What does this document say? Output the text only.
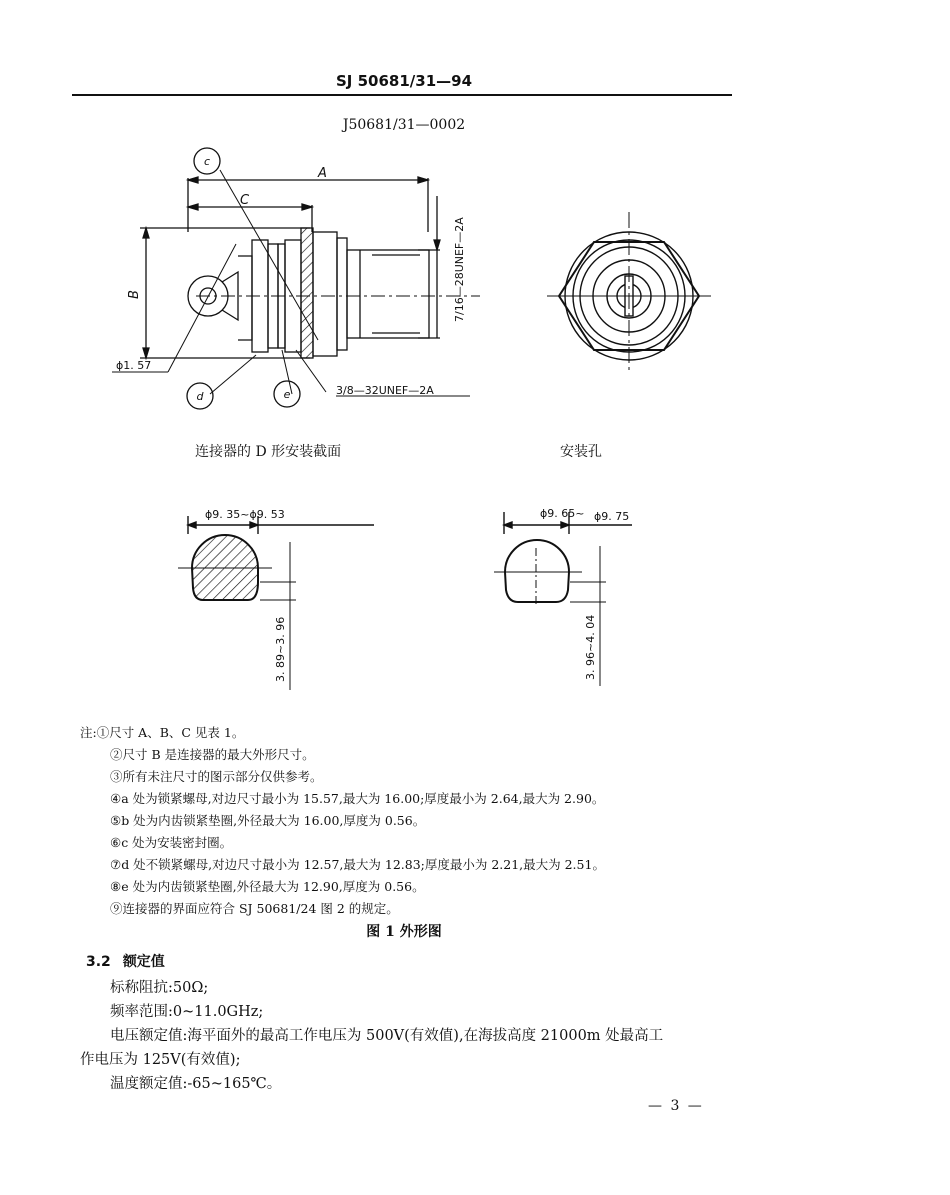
SJ 50681/31—94
J50681/31—0002
A
C
B	7/16—28UNEF—2A
3/8—32UNEF—2A
ϕ1. 57
c
d	e
ϕ9. 35~ϕ9. 53
3. 89~3. 96
ϕ9. 65~ ϕ9. 75
3. 96~4. 04
连接器的 D 形安装截面	安装孔
注:①尺寸 A、B、C 见表 1。
②尺寸 B 是连接器的最大外形尺寸。
③所有未注尺寸的图示部分仅供参考。
④a 处为锁紧螺母,对边尺寸最小为 15.57,最大为 16.00;厚度最小为 2.64,最大为 2.90。
⑤b 处为内齿锁紧垫圈,外径最大为 16.00,厚度为 0.56。
⑥c 处为安装密封圈。
⑦d 处不锁紧螺母,对边尺寸最小为 12.57,最大为 12.83;厚度最小为 2.21,最大为 2.51。
⑧e 处为内齿锁紧垫圈,外径最大为 12.90,厚度为 0.56。
⑨连接器的界面应符合 SJ 50681/24 图 2 的规定。
图 1 外形图
3.2 额定值
标称阻抗:50Ω;
频率范围:0~11.0GHz;
电压额定值:海平面外的最高工作电压为 500V(有效值),在海拔高度 21000m 处最高工
作电压为 125V(有效值);
温度额定值:-65~165℃。
— 3 —
